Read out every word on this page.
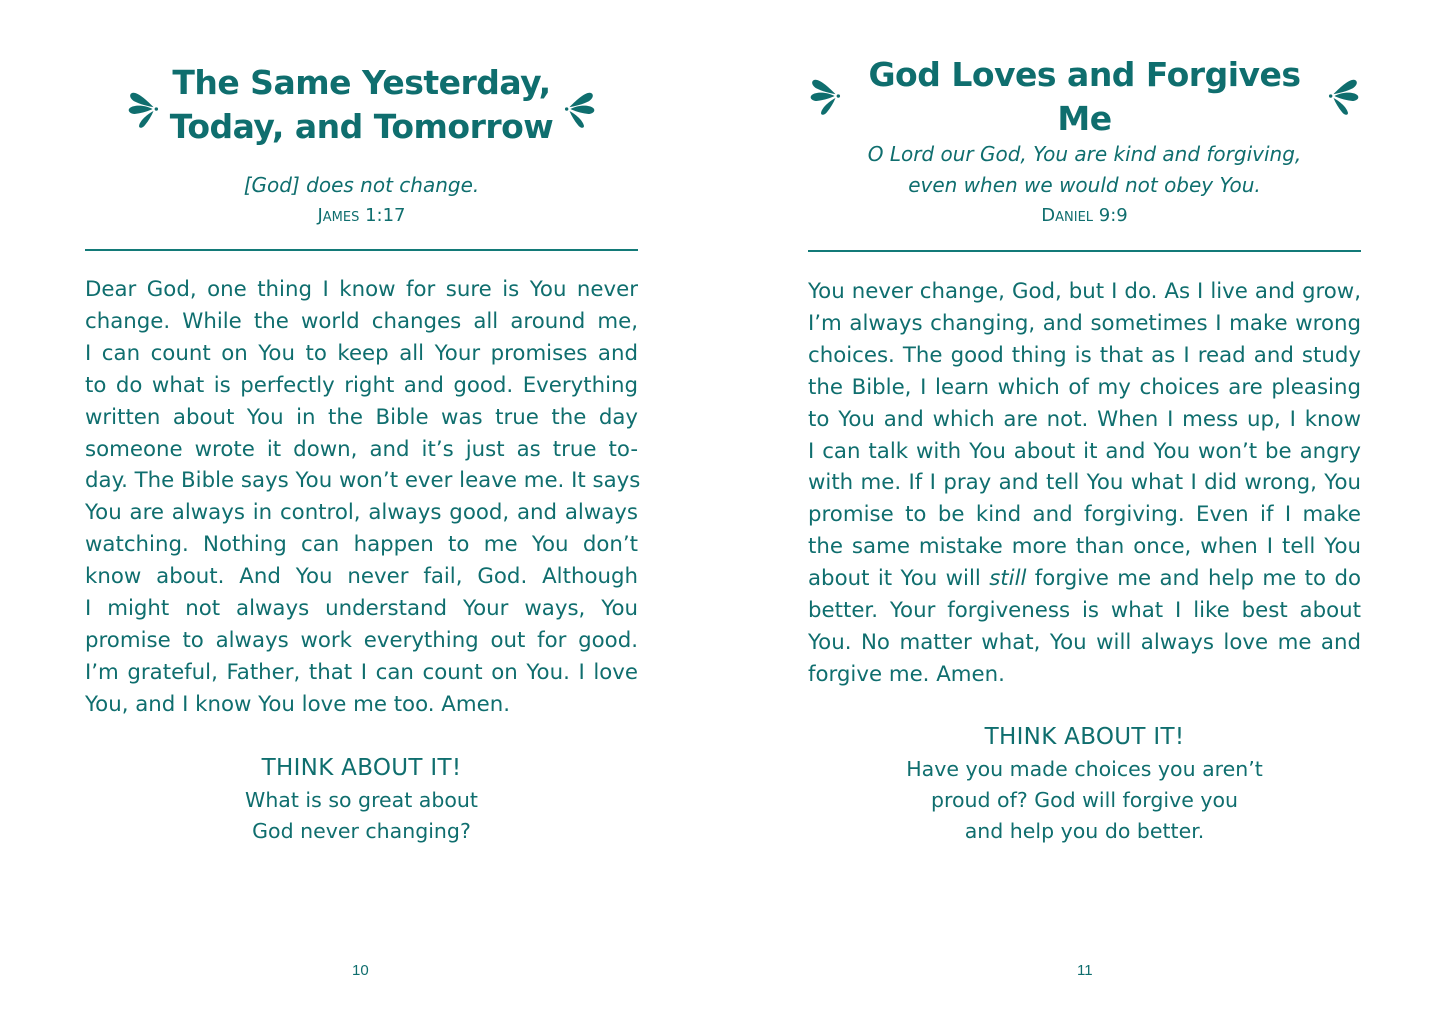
The Same Yesterday,
Today, and Tomorrow
[God] does not change.
James 1:17
Dear God, one thing I know for sure is You never
change. While the world changes all around me,
I can count on You to keep all Your promises and
to do what is perfectly right and good. Everything
written about You in the Bible was true the day
someone wrote it down, and it’s just as true to-
day. The Bible says You won’t ever leave me. It says
You are always in control, always good, and always
watching. Nothing can happen to me You don’t
know about. And You never fail, God. Although
I might not always understand Your ways, You
promise to always work everything out for good.
I’m grateful, Father, that I can count on You. I love
You, and I know You love me too. Amen.
THINK ABOUT IT!
What is so great about
God never changing?
10
God Loves and Forgives Me
O Lord our God, You are kind and forgiving,
even when we would not obey You.
Daniel 9:9
You never change, God, but I do. As I live and grow,
I’m always changing, and sometimes I make wrong
choices. The good thing is that as I read and study
the Bible, I learn which of my choices are pleasing
to You and which are not. When I mess up, I know
I can talk with You about it and You won’t be angry
with me. If I pray and tell You what I did wrong, You
promise to be kind and forgiving. Even if I make
the same mistake more than once, when I tell You
about it You will still forgive me and help me to do
better. Your forgiveness is what I like best about
You. No matter what, You will always love me and
forgive me. Amen.
THINK ABOUT IT!
Have you made choices you aren’t
proud of? God will forgive you
and help you do better.
11
